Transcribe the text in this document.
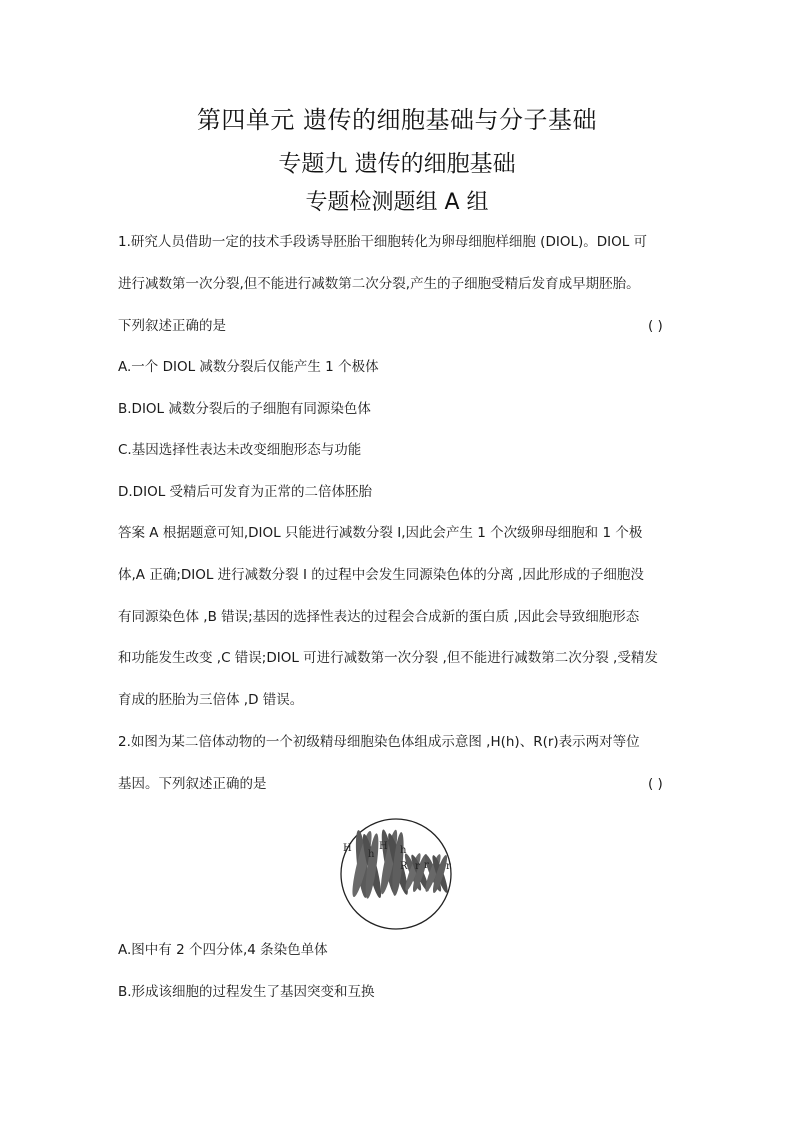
第四单元 遗传的细胞基础与分子基础
专题九 遗传的细胞基础
专题检测题组 A 组

1.研究人员借助一定的技术手段诱导胚胎干细胞转化为卵母细胞样细胞 (DIOL)。DIOL 可

进行减数第一次分裂,但不能进行减数第二次分裂,产生的子细胞受精后发育成早期胚胎。

下列叙述正确的是	( )

A.一个 DIOL 减数分裂后仅能产生 1 个极体

B.DIOL 减数分裂后的子细胞有同源染色体

C.基因选择性表达未改变细胞形态与功能

D.DIOL 受精后可发育为正常的二倍体胚胎

答案 A 根据题意可知,DIOL 只能进行减数分裂 Ⅰ,因此会产生 1 个次级卵母细胞和 1 个极

体,A 正确;DIOL 进行减数分裂 Ⅰ 的过程中会发生同源染色体的分离 ,因此形成的子细胞没

有同源染色体 ,B 错误;基因的选择性表达的过程会合成新的蛋白质 ,因此会导致细胞形态

和功能发生改变 ,C 错误;DIOL 可进行减数第一次分裂 ,但不能进行减数第二次分裂 ,受精发

育成的胚胎为三倍体 ,D 错误。

2.如图为某二倍体动物的一个初级精母细胞染色体组成示意图 ,H(h)、R(r)表示两对等位

基因。下列叙述正确的是	( )
H
h
H h
R r r r

A.图中有 2 个四分体,4 条染色单体

B.形成该细胞的过程发生了基因突变和互换
